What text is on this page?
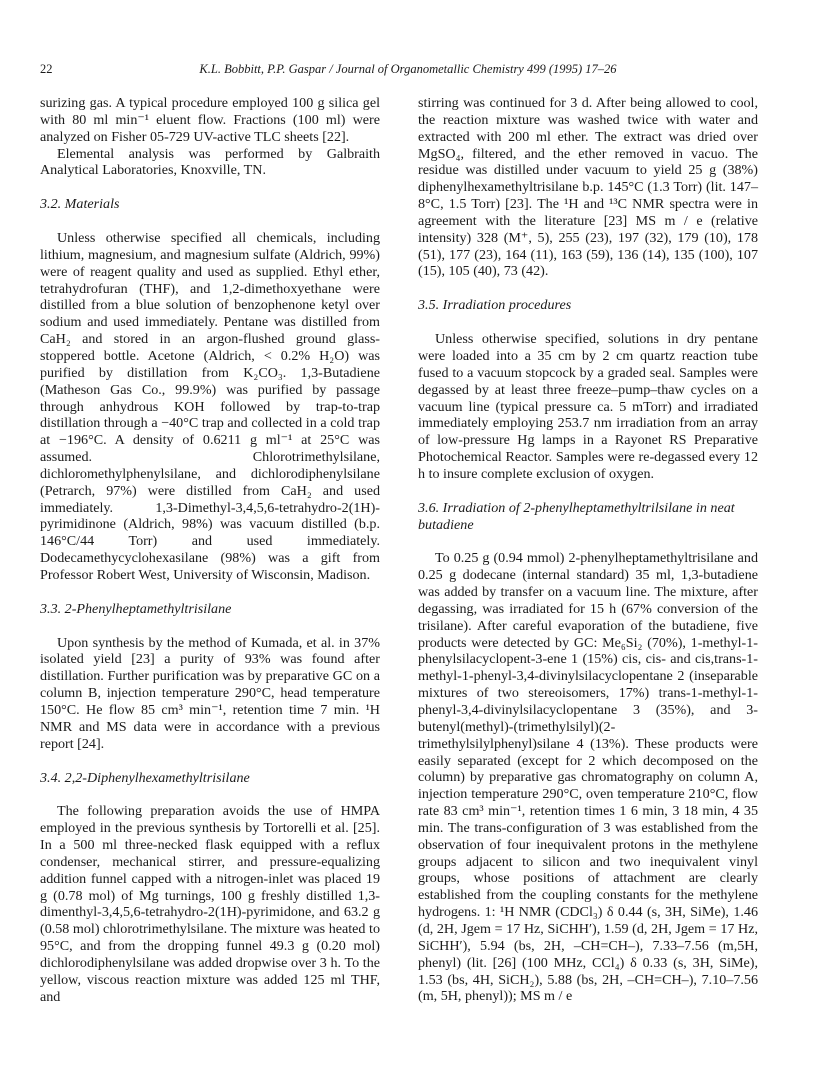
22	K.L. Bobbitt, P.P. Gaspar / Journal of Organometallic Chemistry 499 (1995) 17–26

surizing gas. A typical procedure employed 100 g silica gel with 80 ml min⁻¹ eluent flow. Fractions (100 ml) were analyzed on Fisher 05-729 UV-active TLC sheets [22].

Elemental analysis was performed by Galbraith Analytical Laboratories, Knoxville, TN.

3.2. Materials

Unless otherwise specified all chemicals, including lithium, magnesium, and magnesium sulfate (Aldrich, 99%) were of reagent quality and used as supplied. Ethyl ether, tetrahydrofuran (THF), and 1,2-dimethoxyethane were distilled from a blue solution of benzophenone ketyl over sodium and used immediately. Pentane was distilled from CaH₂ and stored in an argon-flushed ground glass-stoppered bottle. Acetone (Aldrich, < 0.2% H₂O) was purified by distillation from K₂CO₃. 1,3-Butadiene (Matheson Gas Co., 99.9%) was purified by passage through anhydrous KOH followed by trap-to-trap distillation through a −40°C trap and collected in a cold trap at −196°C. A density of 0.6211 g ml⁻¹ at 25°C was assumed. Chlorotrimethylsilane, dichloromethylphenylsilane, and dichlorodiphenylsilane (Petrarch, 97%) were distilled from CaH₂ and used immediately. 1,3-Dimethyl-3,4,5,6-tetrahydro-2(1H)-pyrimidinone (Aldrich, 98%) was vacuum distilled (b.p. 146°C/44 Torr) and used immediately. Dodecamethycyclohexasilane (98%) was a gift from Professor Robert West, University of Wisconsin, Madison.

3.3. 2-Phenylheptamethyltrisilane

Upon synthesis by the method of Kumada, et al. in 37% isolated yield [23] a purity of 93% was found after distillation. Further purification was by preparative GC on a column B, injection temperature 290°C, head temperature 150°C. He flow 85 cm³ min⁻¹, retention time 7 min. ¹H NMR and MS data were in accordance with a previous report [24].

3.4. 2,2-Diphenylhexamethyltrisilane

The following preparation avoids the use of HMPA employed in the previous synthesis by Tortorelli et al. [25]. In a 500 ml three-necked flask equipped with a reflux condenser, mechanical stirrer, and pressure-equalizing addition funnel capped with a nitrogen-inlet was placed 19 g (0.78 mol) of Mg turnings, 100 g freshly distilled 1,3-dimenthyl-3,4,5,6-tetrahydro-2(1H)-pyrimidone, and 63.2 g (0.58 mol) chlorotrimethylsilane. The mixture was heated to 95°C, and from the dropping funnel 49.3 g (0.20 mol) dichlorodiphenylsilane was added dropwise over 3 h. To the yellow, viscous reaction mixture was added 125 ml THF, and

stirring was continued for 3 d. After being allowed to cool, the reaction mixture was washed twice with water and extracted with 200 ml ether. The extract was dried over MgSO₄, filtered, and the ether removed in vacuo. The residue was distilled under vacuum to yield 25 g (38%) diphenylhexamethyltrisilane b.p. 145°C (1.3 Torr) (lit. 147–8°C, 1.5 Torr) [23]. The ¹H and ¹³C NMR spectra were in agreement with the literature [23] MS m / e (relative intensity) 328 (M⁺, 5), 255 (23), 197 (32), 179 (10), 178 (51), 177 (23), 164 (11), 163 (59), 136 (14), 135 (100), 107 (15), 105 (40), 73 (42).

3.5. Irradiation procedures

Unless otherwise specified, solutions in dry pentane were loaded into a 35 cm by 2 cm quartz reaction tube fused to a vacuum stopcock by a graded seal. Samples were degassed by at least three freeze–pump–thaw cycles on a vacuum line (typical pressure ca. 5 mTorr) and irradiated immediately employing 253.7 nm irradiation from an array of low-pressure Hg lamps in a Rayonet RS Preparative Photochemical Reactor. Samples were re-degassed every 12 h to insure complete exclusion of oxygen.

3.6. Irradiation of 2-phenylheptamethyltrilsilane in neat butadiene

To 0.25 g (0.94 mmol) 2-phenylheptamethyltrisilane and 0.25 g dodecane (internal standard) 35 ml, 1,3-butadiene was added by transfer on a vacuum line. The mixture, after degassing, was irradiated for 15 h (67% conversion of the trisilane). After careful evaporation of the butadiene, five products were detected by GC: Me₆Si₂ (70%), 1-methyl-1-phenylsilacyclopent-3-ene 1 (15%) cis, cis- and cis,trans-1-methyl-1-phenyl-3,4-divinylsilacyclopentane 2 (inseparable mixtures of two stereoisomers, 17%) trans-1-methyl-1-phenyl-3,4-divinylsilacyclopentane 3 (35%), and 3-butenyl(methyl)-(trimethylsilyl)(2-trimethylsilylphenyl)silane 4 (13%). These products were easily separated (except for 2 which decomposed on the column) by preparative gas chromatography on column A, injection temperature 290°C, oven temperature 210°C, flow rate 83 cm³ min⁻¹, retention times 1 6 min, 3 18 min, 4 35 min. The trans-configuration of 3 was established from the observation of four inequivalent protons in the methylene groups adjacent to silicon and two inequivalent vinyl groups, whose positions of attachment are clearly established from the coupling constants for the methylene hydrogens. 1: ¹H NMR (CDCl₃) δ 0.44 (s, 3H, SiMe), 1.46 (d, 2H, Jgem = 17 Hz, SiCHH′), 1.59 (d, 2H, Jgem = 17 Hz, SiCHH′), 5.94 (bs, 2H, –CH=CH–), 7.33–7.56 (m,5H, phenyl) (lit. [26] (100 MHz, CCl₄) δ 0.33 (s, 3H, SiMe), 1.53 (bs, 4H, SiCH₂), 5.88 (bs, 2H, –CH=CH–), 7.10–7.56 (m, 5H, phenyl)); MS m / e
